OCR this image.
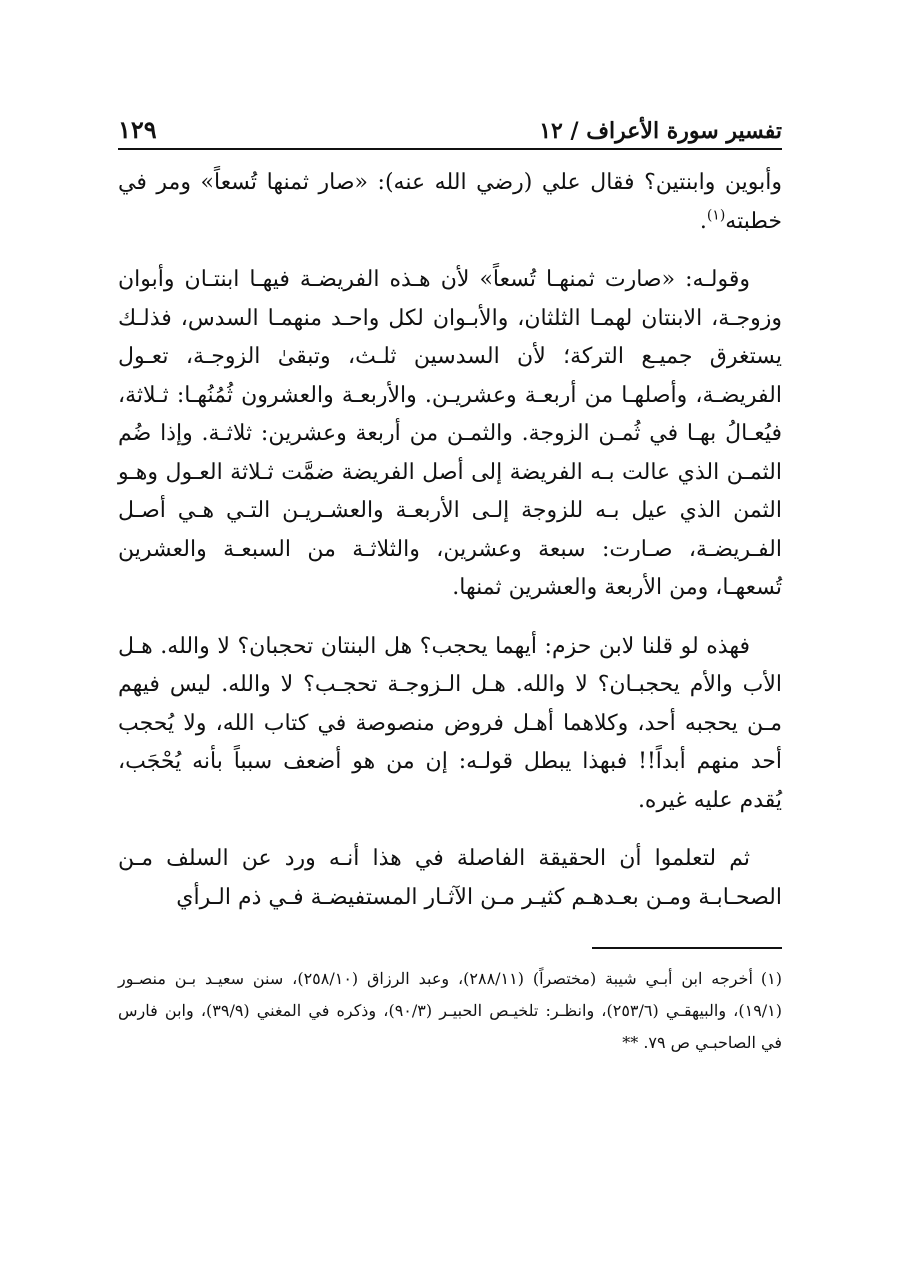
تفسير سورة الأعراف / ١٢
١٢٩

وأبوين وابنتين؟ فقال علي (رضي الله عنه): «صار ثمنها تُسعاً» ومر في خطبته$^{(١)}$.

وقولـه: «صارت ثمنهـا تُسعاً» لأن هـذه الفريضـة فيهـا ابنتـان وأبوان وزوجـة، الابنتان لهمـا الثلثان، والأبـوان لكل واحـد منهمـا السدس، فذلـك يستغرق جميـع التركة؛ لأن السدسين ثلـث، وتبقىٰ الزوجـة، تعـول الفريضـة، وأصلهـا من أربعـة وعشريـن. والأربعـة والعشرون ثُمُنُهـا: ثـلاثة، فيُعـالُ بهـا في ثُمـن الزوجة. والثمـن من أربعة وعشرين: ثلاثـة. وإذا ضُم الثمـن الذي عالت بـه الفريضة إلى أصل الفريضة ضمَّت ثـلاثة العـول وهـو الثمن الذي عيل بـه للزوجة إلـى الأربعـة والعشـريـن التـي هـي أصـل الفـريضـة، صـارت: سبعة وعشرين، والثلاثـة من السبعـة والعشرين تُسعهـا، ومن الأربعة والعشرين ثمنها.

فهذه لو قلنا لابن حزم: أيهما يحجب؟ هل البنتان تحجبان؟ لا والله. هـل الأب والأم يحجبـان؟ لا والله. هـل الـزوجـة تحجـب؟ لا والله. ليس فيهم مـن يحجبه أحد، وكلاهما أهـل فروض منصوصة في كتاب الله، ولا يُحجب أحد منهم أبداً!! فبهذا يبطل قولـه: إن من هو أضعف سبباً بأنه يُحْجَب، يُقدم عليه غيره.

ثم لتعلموا أن الحقيقة الفاصلة في هذا أنـه ورد عن السلف مـن الصحـابـة ومـن بعـدهـم كثيـر مـن الآثـار المستفيضـة فـي ذم الـرأي

(١)أخرجه ابن أبـي شيبة (مختصراً) (٢٨٨/١١)، وعبد الرزاق (٢٥٨/١٠)، سنن سعيـد بـن منصـور (١٩/١)، والبيهقـي (٢٥٣/٦)، وانظـر: تلخيـص الحبيـر (٩٠/٣)، وذكره في المغني (٣٩/٩)، وابن فارس في الصاحبـي ص ٧٩. **
